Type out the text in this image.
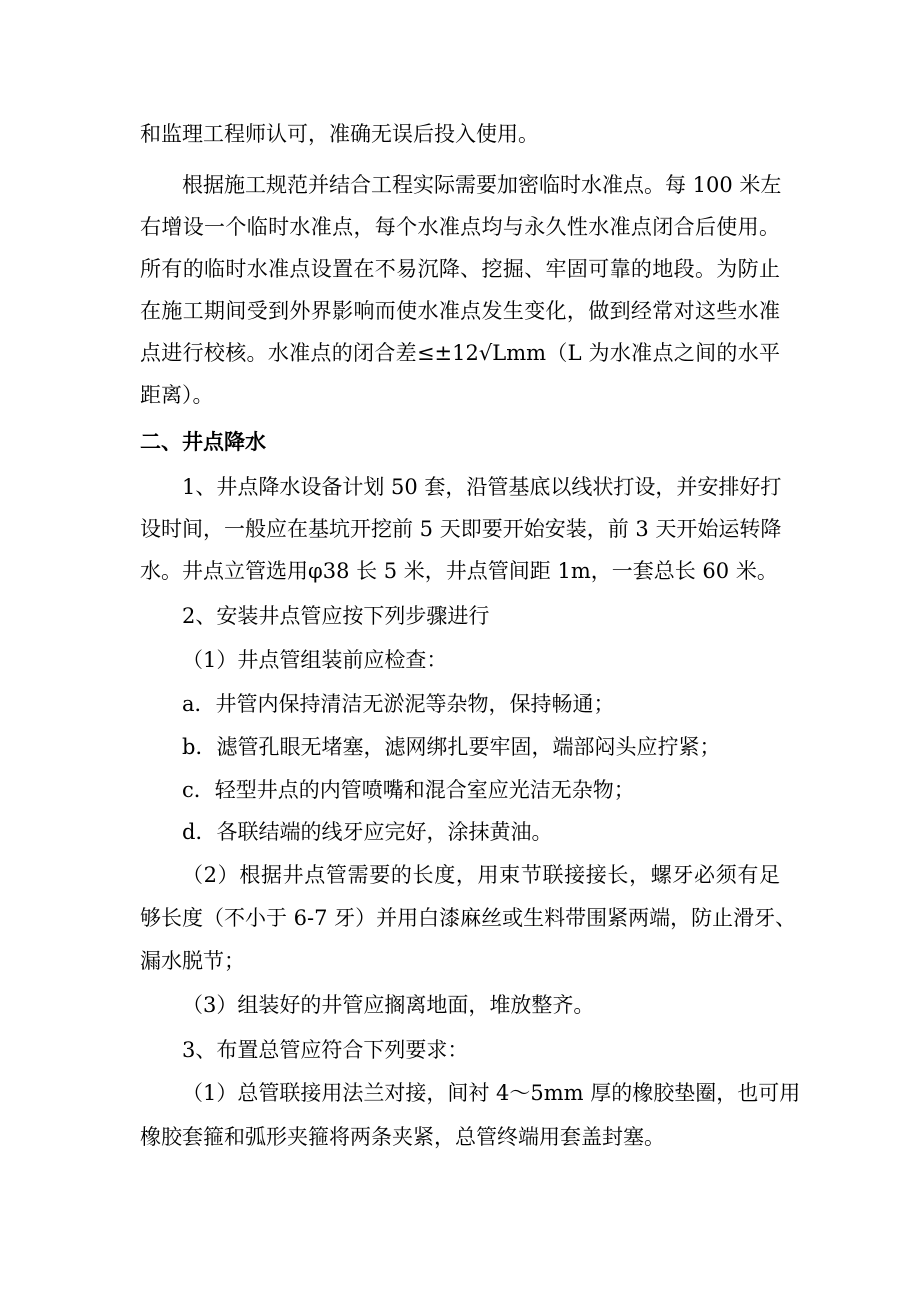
和监理工程师认可，准确无误后投入使用。
根据施工规范并结合工程实际需要加密临时水准点。每 100 米左
右增设一个临时水准点，每个水准点均与永久性水准点闭合后使用。
所有的临时水准点设置在不易沉降、挖掘、牢固可靠的地段。为防止
在施工期间受到外界影响而使水准点发生变化，做到经常对这些水准
点进行校核。水准点的闭合差≤±12√Lmm（L 为水准点之间的水平
距离）。
二、井点降水
1、井点降水设备计划 50 套，沿管基底以线状打设，并安排好打
设时间，一般应在基坑开挖前 5 天即要开始安装，前 3 天开始运转降
水。井点立管选用φ38 长 5 米，井点管间距 1m，一套总长 60 米。
2、安装井点管应按下列步骤进行
（1）井点管组装前应检查：
a．井管内保持清洁无淤泥等杂物，保持畅通；
b．滤管孔眼无堵塞，滤网绑扎要牢固，端部闷头应拧紧；
c．轻型井点的内管喷嘴和混合室应光洁无杂物；
d．各联结端的线牙应完好，涂抹黄油。
（2）根据井点管需要的长度，用束节联接接长，螺牙必须有足
够长度（不小于 6-7 牙）并用白漆麻丝或生料带围紧两端，防止滑牙、
漏水脱节；
（3）组装好的井管应搁离地面，堆放整齐。
3、布置总管应符合下列要求：
（1）总管联接用法兰对接，间衬 4～5mm 厚的橡胶垫圈，也可用
橡胶套箍和弧形夹箍将两条夹紧，总管终端用套盖封塞。
